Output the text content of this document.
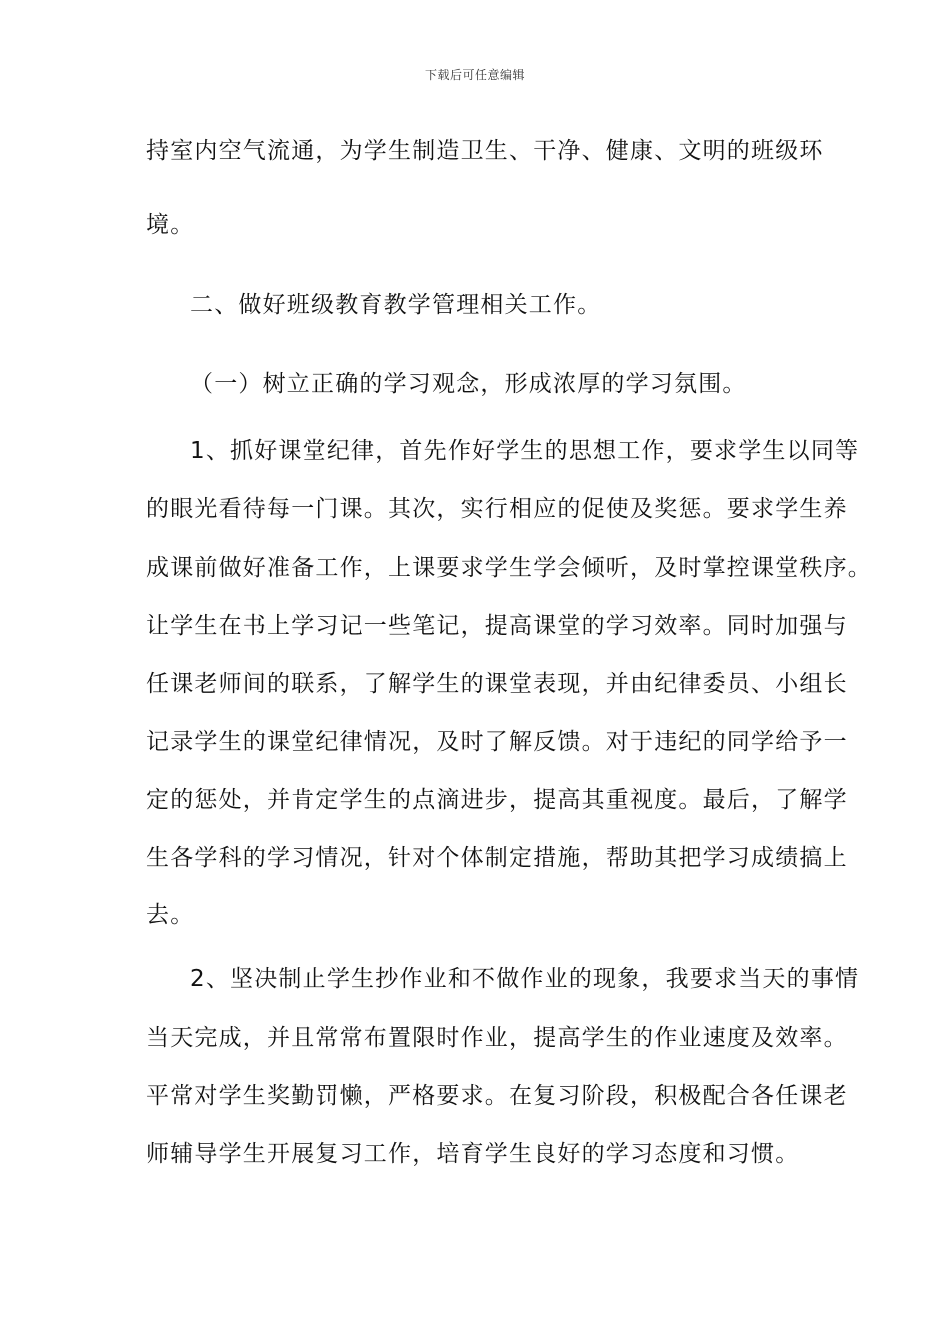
下载后可任意编辑
持室内空气流通，为学生制造卫生、干净、健康、文明的班级环
境。
二、做好班级教育教学管理相关工作。
（一）树立正确的学习观念，形成浓厚的学习氛围。
1、抓好课堂纪律，首先作好学生的思想工作，要求学生以同等
的眼光看待每一门课。其次，实行相应的促使及奖惩。要求学生养
成课前做好准备工作，上课要求学生学会倾听，及时掌控课堂秩序。
让学生在书上学习记一些笔记，提高课堂的学习效率。同时加强与
任课老师间的联系，了解学生的课堂表现，并由纪律委员、小组长
记录学生的课堂纪律情况，及时了解反馈。对于违纪的同学给予一
定的惩处，并肯定学生的点滴进步，提高其重视度。最后，了解学
生各学科的学习情况，针对个体制定措施，帮助其把学习成绩搞上
去。
2、坚决制止学生抄作业和不做作业的现象，我要求当天的事情
当天完成，并且常常布置限时作业，提高学生的作业速度及效率。
平常对学生奖勤罚懒，严格要求。在复习阶段，积极配合各任课老
师辅导学生开展复习工作，培育学生良好的学习态度和习惯。
